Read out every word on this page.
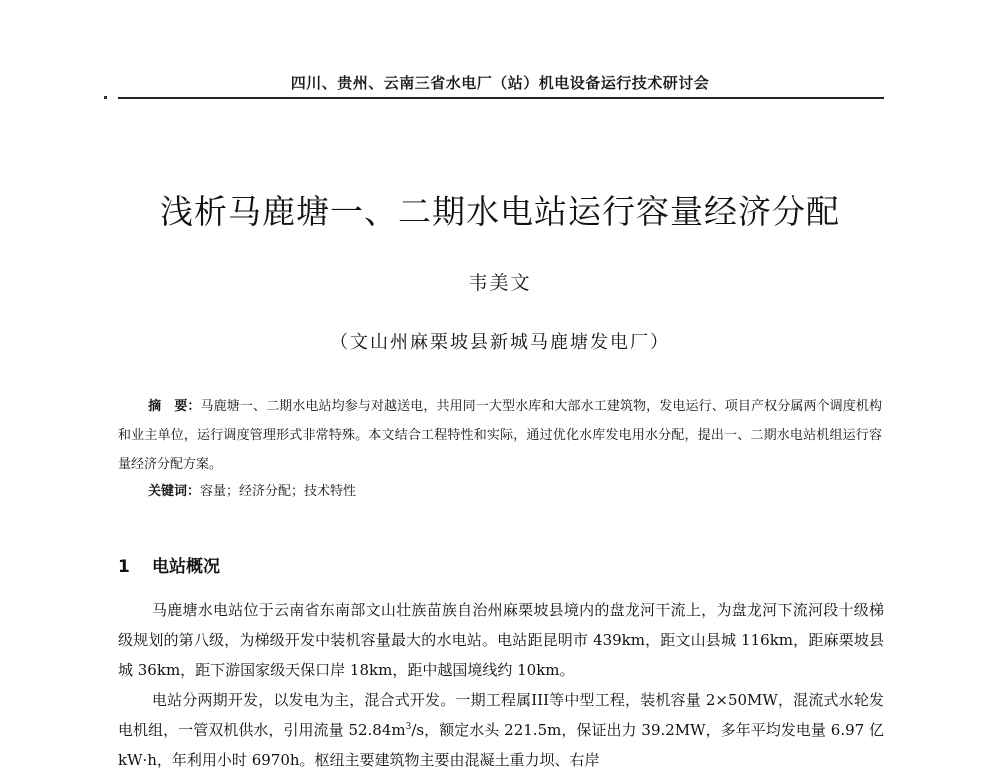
四川、贵州、云南三省水电厂（站）机电设备运行技术研讨会
浅析马鹿塘一、二期水电站运行容量经济分配
韦美文
（文山州麻栗坡县新城马鹿塘发电厂）
摘　要：马鹿塘一、二期水电站均参与对越送电，共用同一大型水库和大部水工建筑物，发电运行、项目产权分属两个调度机构和业主单位，运行调度管理形式非常特殊。本文结合工程特性和实际，通过优化水库发电用水分配，提出一、二期水电站机组运行容量经济分配方案。
关键词：容量；经济分配；技术特性
1 电站概况

马鹿塘水电站位于云南省东南部文山壮族苗族自治州麻栗坡县境内的盘龙河干流上，为盘龙河下流河段十级梯级规划的第八级，为梯级开发中装机容量最大的水电站。电站距昆明市 439km，距文山县城 116km，距麻栗坡县城 36km，距下游国家级天保口岸 18km，距中越国境线约 10km。

电站分两期开发，以发电为主，混合式开发。一期工程属III等中型工程，装机容量 2×50MW，混流式水轮发电机组，一管双机供水，引用流量 $52.84m^3/s$，额定水头 221.5m，保证出力 39.2MW，多年平均发电量 6.97 亿 kW·h，年利用小时 6970h。枢纽主要建筑物主要由混凝土重力坝、右岸
